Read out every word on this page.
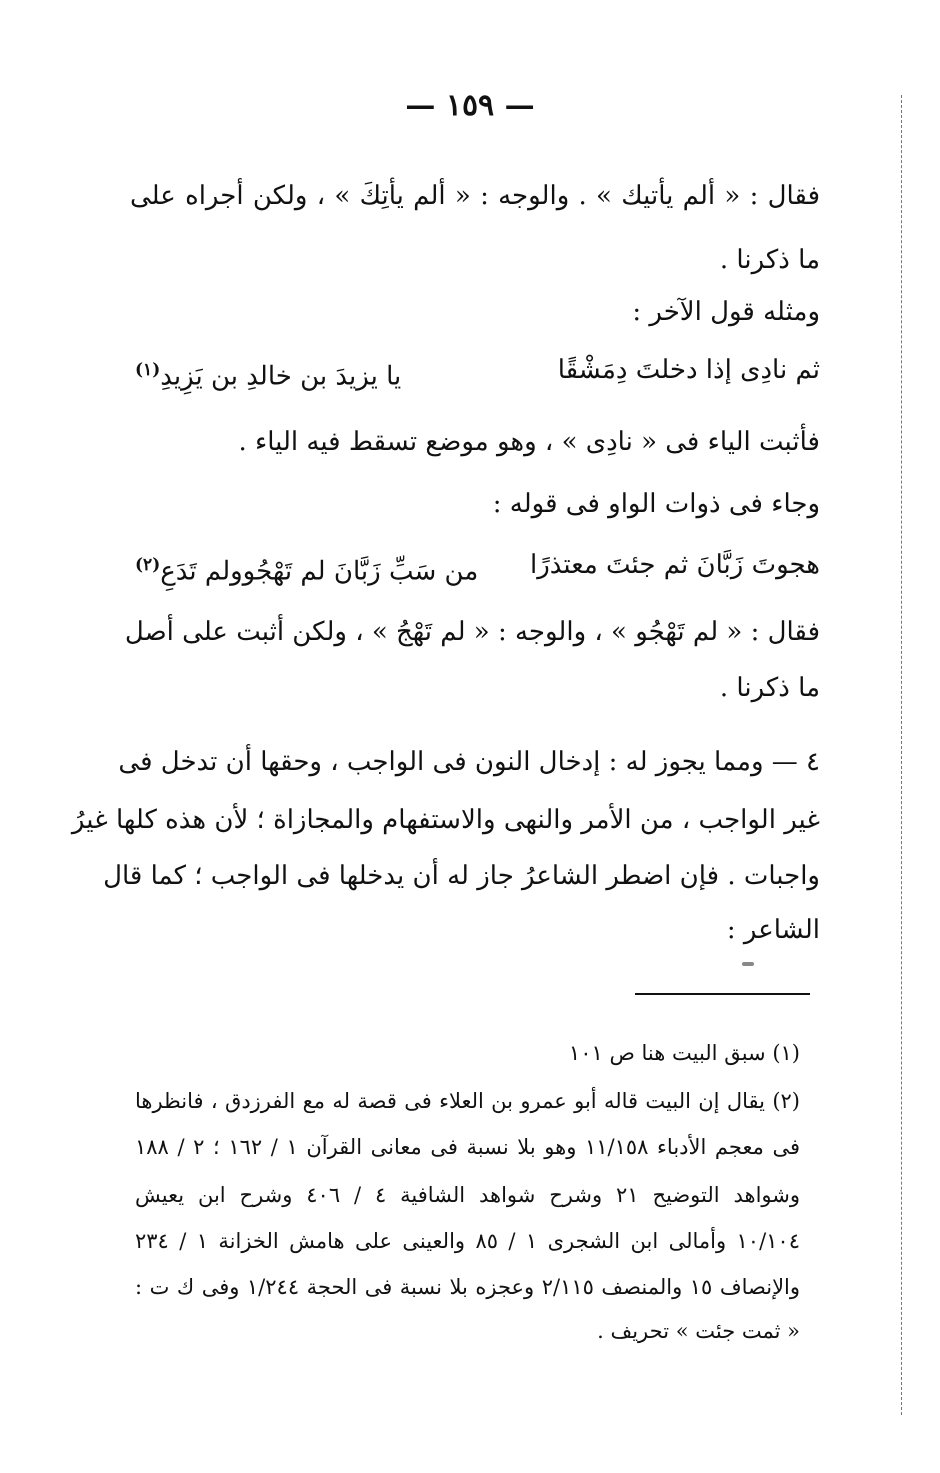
— ١٥٩ —
فقال : « ألم يأتيك » . والوجه : « ألم يأتِكَ » ، ولكن أجراه على
ما ذكرنا .
ومثله قول الآخر :
ثم نادِى إذا دخلتَ دِمَشْقًا
يا يزيدَ بن خالدِ بن يَزِيدِ$^{(١)}$
فأثبت الياء فى « نادِى » ، وهو موضع تسقط فيه الياء .
وجاء فى ذوات الواو فى قوله :
هجوتَ زَبَّانَ ثم جئتَ معتذرًا
من سَبِّ زَبَّانَ لم تَهْجُوولم تَدَعِ$^{(٢)}$
فقال : « لم تَهْجُو » ، والوجه : « لم تَهْجُ » ، ولكن أثبت على أصل
ما ذكرنا .
٤ — ومما يجوز له : إدخال النون فى الواجب ، وحقها أن تدخل فى
غير الواجب ، من الأمر والنهى والاستفهام والمجازاة ؛ لأن هذه كلها غيرُ
واجبات . فإن اضطر الشاعرُ جاز له أن يدخلها فى الواجب ؛ كما قال
الشاعر :
(١) سبق البيت هنا ص ١٠١
(٢) يقال إن البيت قاله أبو عمرو بن العلاء فى قصة له مع الفرزدق ، فانظرها
فى معجم الأدباء ١١/١٥٨ وهو بلا نسبة فى معانى القرآن ١ / ١٦٢ ؛ ٢ / ١٨٨
وشواهد التوضيح ٢١ وشرح شواهد الشافية ٤ / ٤٠٦ وشرح ابن يعيش
١٠/١٠٤ وأمالى ابن الشجرى ١ / ٨٥ والعينى على هامش الخزانة ١ / ٢٣٤
والإنصاف ١٥ والمنصف ٢/١١٥ وعجزه بلا نسبة فى الحجة ١/٢٤٤ وفى ك ت :
« ثمت جئت » تحريف .
